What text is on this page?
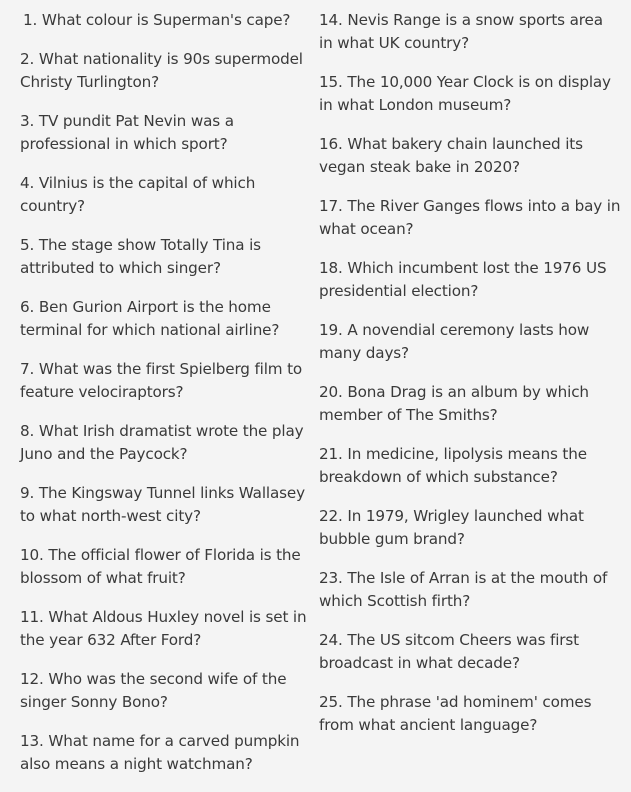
1. What colour is Superman's cape?

2. What nationality is 90s supermodel Christy Turlington?

3. TV pundit Pat Nevin was a professional in which sport?

4. Vilnius is the capital of which country?

5. The stage show Totally Tina is attributed to which singer?

6. Ben Gurion Airport is the home terminal for which national airline?

7. What was the first Spielberg film to feature velociraptors?

8. What Irish dramatist wrote the play Juno and the Paycock?

9. The Kingsway Tunnel links Wallasey to what north-west city?

10. The official flower of Florida is the blossom of what fruit?

11. What Aldous Huxley novel is set in the year 632 After Ford?

12. Who was the second wife of the singer Sonny Bono?

13. What name for a carved pumpkin also means a night watchman?

14. Nevis Range is a snow sports area in what UK country?

15. The 10,000 Year Clock is on display in what London museum?

16. What bakery chain launched its vegan steak bake in 2020?

17. The River Ganges flows into a bay in what ocean?

18. Which incumbent lost the 1976 US presidential election?

19. A novendial ceremony lasts how many days?

20. Bona Drag is an album by which member of The Smiths?

21. In medicine, lipolysis means the breakdown of which substance?

22. In 1979, Wrigley launched what bubble gum brand?

23. The Isle of Arran is at the mouth of which Scottish firth?

24. The US sitcom Cheers was first broadcast in what decade?

25. The phrase 'ad hominem' comes from what ancient language?
